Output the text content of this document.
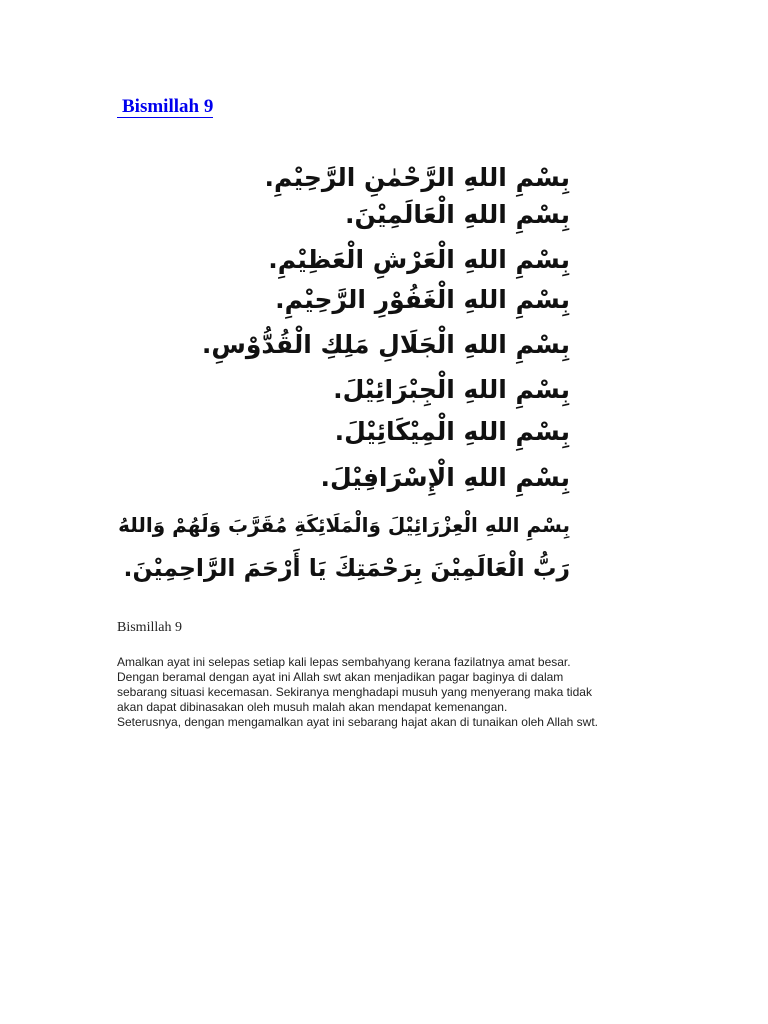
Bismillah 9
بِسْمِ اللهِ الرَّحْمٰنِ الرَّحِيْمِ.
بِسْمِ اللهِ الْعَالَمِيْنَ.
بِسْمِ اللهِ الْعَرْشِ الْعَظِيْمِ.
بِسْمِ اللهِ الْغَفُوْرِ الرَّحِيْمِ.
بِسْمِ اللهِ الْجَلَالِ مَلِكِ الْقُدُّوْسِ.
بِسْمِ اللهِ الْجِبْرَائِيْلَ.
بِسْمِ اللهِ الْمِيْكَائِيْلَ.
بِسْمِ اللهِ الْإِسْرَافِيْلَ.
بِسْمِ اللهِ الْعِزْرَائِيْلَ وَالْمَلَائِكَةِ مُقَرَّبَ وَلَهُمْ وَاللهُ
رَبُّ الْعَالَمِيْنَ بِرَحْمَتِكَ يَا أَرْحَمَ الرَّاحِمِيْنَ.
Bismillah 9
Amalkan ayat ini selepas setiap kali lepas sembahyang kerana fazilatnya amat besar.
Dengan beramal dengan ayat ini Allah swt akan menjadikan pagar baginya di dalam
sebarang situasi kecemasan. Sekiranya menghadapi musuh yang menyerang maka tidak
akan dapat dibinasakan oleh musuh malah akan mendapat kemenangan.
Seterusnya, dengan mengamalkan ayat ini sebarang hajat akan di tunaikan oleh Allah swt.
